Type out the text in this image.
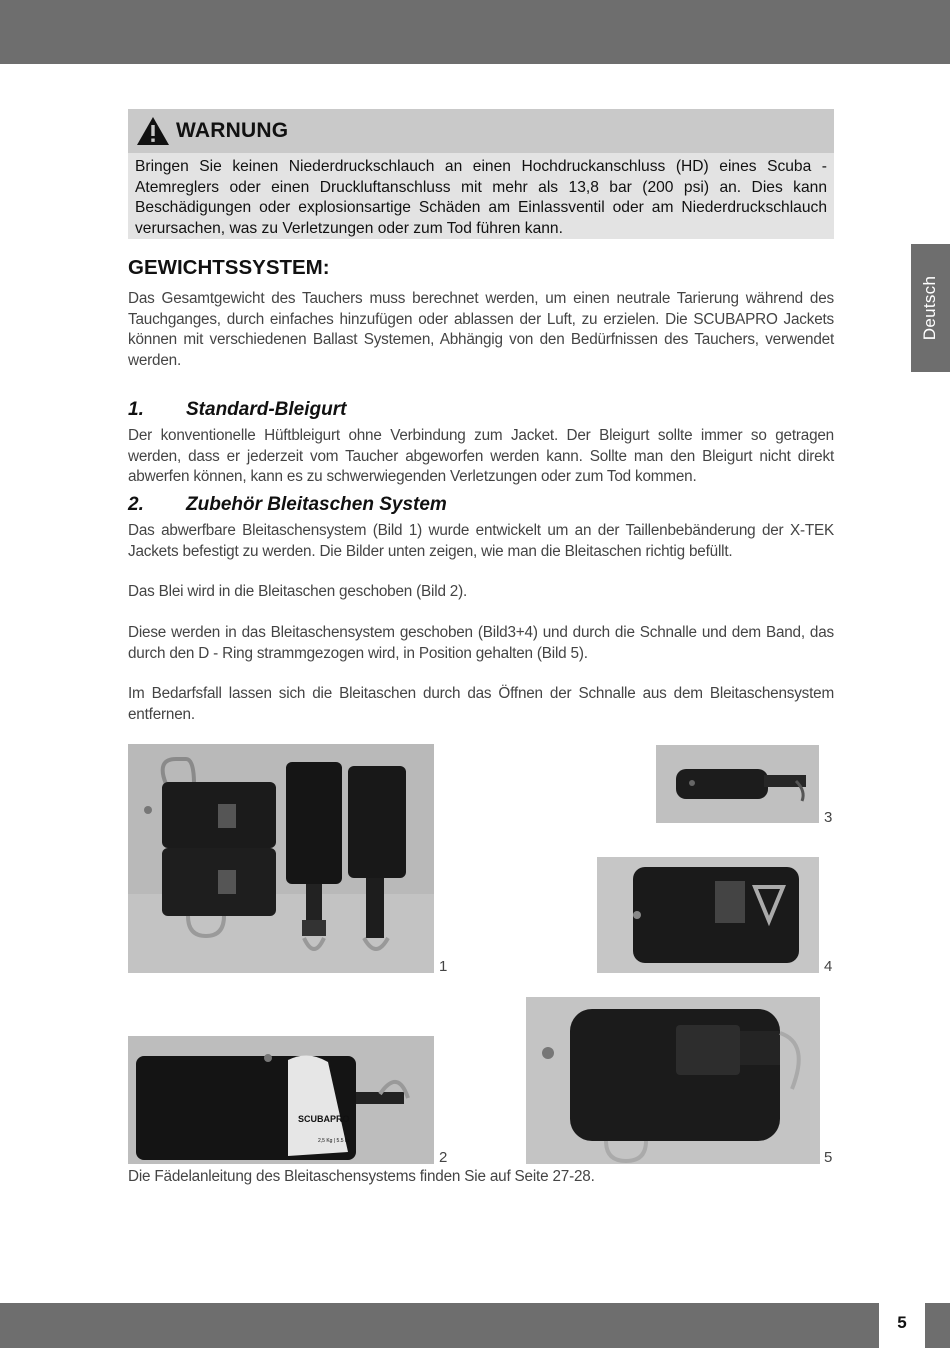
Deutsch
WARNUNG
Bringen Sie keinen Niederdruckschlauch an einen Hochdruckanschluss (HD) eines Scuba -Atemreglers oder einen Druckluftanschluss mit mehr als 13,8 bar (200 psi) an. Dies kann Beschädigungen oder explosionsartige Schäden am Einlassventil oder am Niederdruckschlauch verursachen, was zu Verletzungen oder zum Tod führen kann.
GEWICHTSSYSTEM:
Das Gesamtgewicht des Tauchers muss berechnet werden, um einen neutrale Tarierung während des Tauchganges, durch einfaches hinzufügen oder ablassen der Luft, zu erzielen. Die SCUBAPRO Jackets können mit verschiedenen Ballast Systemen, Abhängig von den Bedürfnissen des Tauchers, verwendet werden.
1. Standard-Bleigurt
Der konventionelle Hüftbleigurt ohne Verbindung zum Jacket. Der Bleigurt sollte immer so getragen werden, dass er jederzeit vom Taucher abgeworfen werden kann. Sollte man den Bleigurt nicht direkt abwerfen können, kann es zu schwerwiegenden Verletzungen oder zum Tod kommen.
2. Zubehör Bleitaschen System
Das abwerfbare Bleitaschensystem (Bild 1) wurde entwickelt um an der Taillenbebänderung der X-TEK Jackets befestigt zu werden. Die Bilder unten zeigen, wie man die Bleitaschen richtig befüllt.
Das Blei wird in die Bleitaschen geschoben (Bild 2).
Diese werden in das Bleitaschensystem geschoben (Bild3+4) und durch die Schnalle und dem Band, das durch den D - Ring strammgezogen wird, in Position gehalten (Bild 5).
Im Bedarfsfall lassen sich die Bleitaschen durch das Öffnen der Schnalle aus dem Bleitaschensystem entfernen.
1
3
4
SCUBAPRO
2,5 Kg | 5.5 lb
2	5
Die Fädelanleitung des Bleitaschensystems finden Sie auf Seite 27-28.
5
